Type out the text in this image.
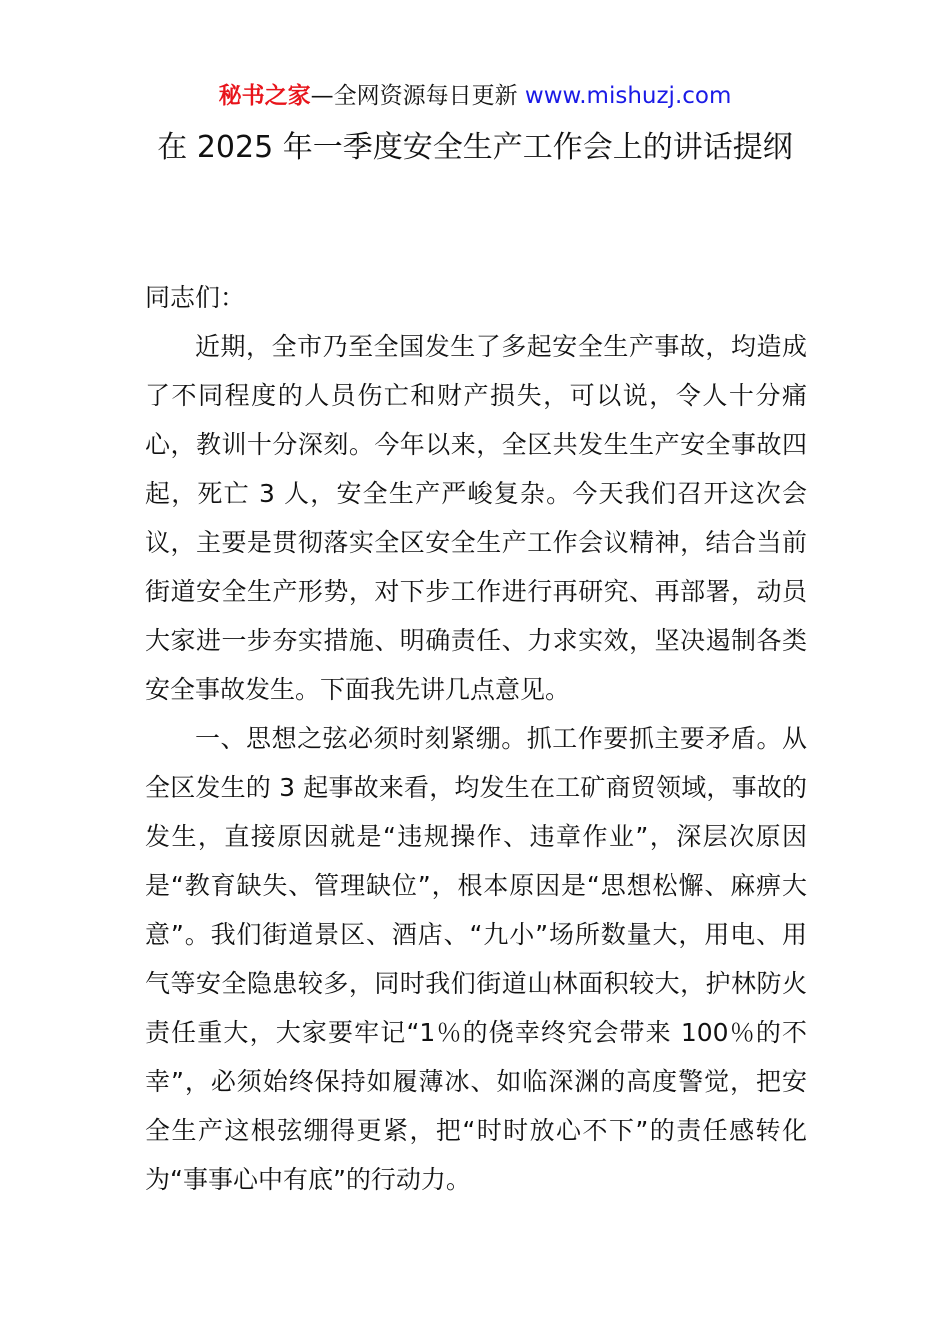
秘书之家—全网资源每日更新 www.mishuzj.com
在 2025 年一季度安全生产工作会上的讲话提纲

同志们：

近期，全市乃至全国发生了多起安全生产事故，均造成了不同程度的人员伤亡和财产损失，可以说，令人十分痛心，教训十分深刻。今年以来，全区共发生生产安全事故四起，死亡 3 人，安全生产严峻复杂。今天我们召开这次会议，主要是贯彻落实全区安全生产工作会议精神，结合当前街道安全生产形势，对下步工作进行再研究、再部署，动员大家进一步夯实措施、明确责任、力求实效，坚决遏制各类安全事故发生。下面我先讲几点意见。

一、思想之弦必须时刻紧绷。抓工作要抓主要矛盾。从全区发生的 3 起事故来看，均发生在工矿商贸领域，事故的发生，直接原因就是“违规操作、违章作业”，深层次原因是“教育缺失、管理缺位”，根本原因是“思想松懈、麻痹大意”。我们街道景区、酒店、“九小”场所数量大，用电、用气等安全隐患较多，同时我们街道山林面积较大，护林防火责任重大，大家要牢记“1％的侥幸终究会带来 100％的不幸”，必须始终保持如履薄冰、如临深渊的高度警觉，把安全生产这根弦绷得更紧，把“时时放心不下”的责任感转化为“事事心中有底”的行动力。
